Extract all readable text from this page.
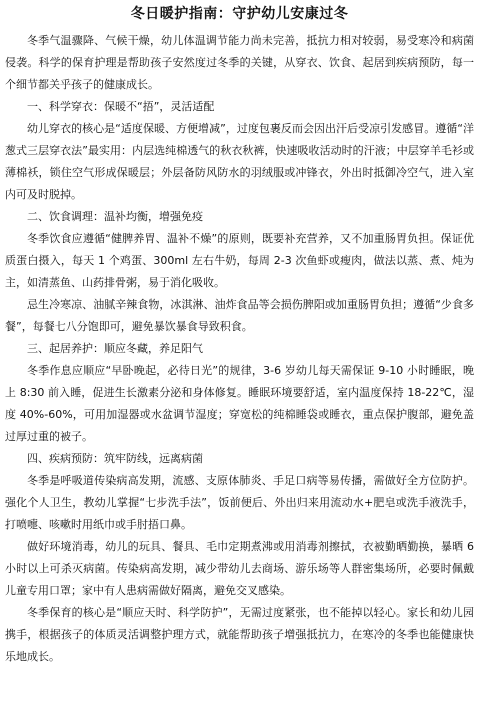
冬日暖护指南：守护幼儿安康过冬

冬季气温骤降、气候干燥，幼儿体温调节能力尚未完善，抵抗力相对较弱，易受寒冷和病菌侵袭。科学的保育护理是帮助孩子安然度过冬季的关键，从穿衣、饮食、起居到疾病预防，每一个细节都关乎孩子的健康成长。

一、科学穿衣：保暖不“捂”，灵活适配

幼儿穿衣的核心是“适度保暖、方便增减”，过度包裹反而会因出汗后受凉引发感冒。遵循“洋葱式三层穿衣法”最实用：内层选纯棉透气的秋衣秋裤，快速吸收活动时的汗液；中层穿羊毛衫或薄棉袄，锁住空气形成保暖层；外层备防风防水的羽绒服或冲锋衣，外出时抵御冷空气，进入室内可及时脱掉。

二、饮食调理：温补均衡，增强免疫

冬季饮食应遵循“健脾养胃、温补不燥”的原则，既要补充营养，又不加重肠胃负担。保证优质蛋白摄入，每天 1 个鸡蛋、300ml 左右牛奶，每周 2-3 次鱼虾或瘦肉，做法以蒸、煮、炖为主，如清蒸鱼、山药排骨粥，易于消化吸收。

忌生冷寒凉、油腻辛辣食物，冰淇淋、油炸食品等会损伤脾阳或加重肠胃负担；遵循“少食多餐”，每餐七八分饱即可，避免暴饮暴食导致积食。

三、起居养护：顺应冬藏，养足阳气

冬季作息应顺应“早卧晚起，必待日光”的规律，3-6 岁幼儿每天需保证 9-10 小时睡眠，晚上 8:30 前入睡，促进生长激素分泌和身体修复。睡眠环境要舒适，室内温度保持 18-22℃，湿度 40%-60%，可用加湿器或水盆调节湿度；穿宽松的纯棉睡袋或睡衣，重点保护腹部，避免盖过厚过重的被子。

四、疾病预防：筑牢防线，远离病菌

冬季是呼吸道传染病高发期，流感、支原体肺炎、手足口病等易传播，需做好全方位防护。强化个人卫生，教幼儿掌握“七步洗手法”，饭前便后、外出归来用流动水+肥皂或洗手液洗手，打喷嚏、咳嗽时用纸巾或手肘捂口鼻。

做好环境消毒，幼儿的玩具、餐具、毛巾定期煮沸或用消毒剂擦拭，衣被勤晒勤换，暴晒 6 小时以上可杀灭病菌。传染病高发期，减少带幼儿去商场、游乐场等人群密集场所，必要时佩戴儿童专用口罩；家中有人患病需做好隔离，避免交叉感染。

冬季保育的核心是“顺应天时、科学防护”，无需过度紧张，也不能掉以轻心。家长和幼儿园携手，根据孩子的体质灵活调整护理方式，就能帮助孩子增强抵抗力，在寒冷的冬季也能健康快乐地成长。
